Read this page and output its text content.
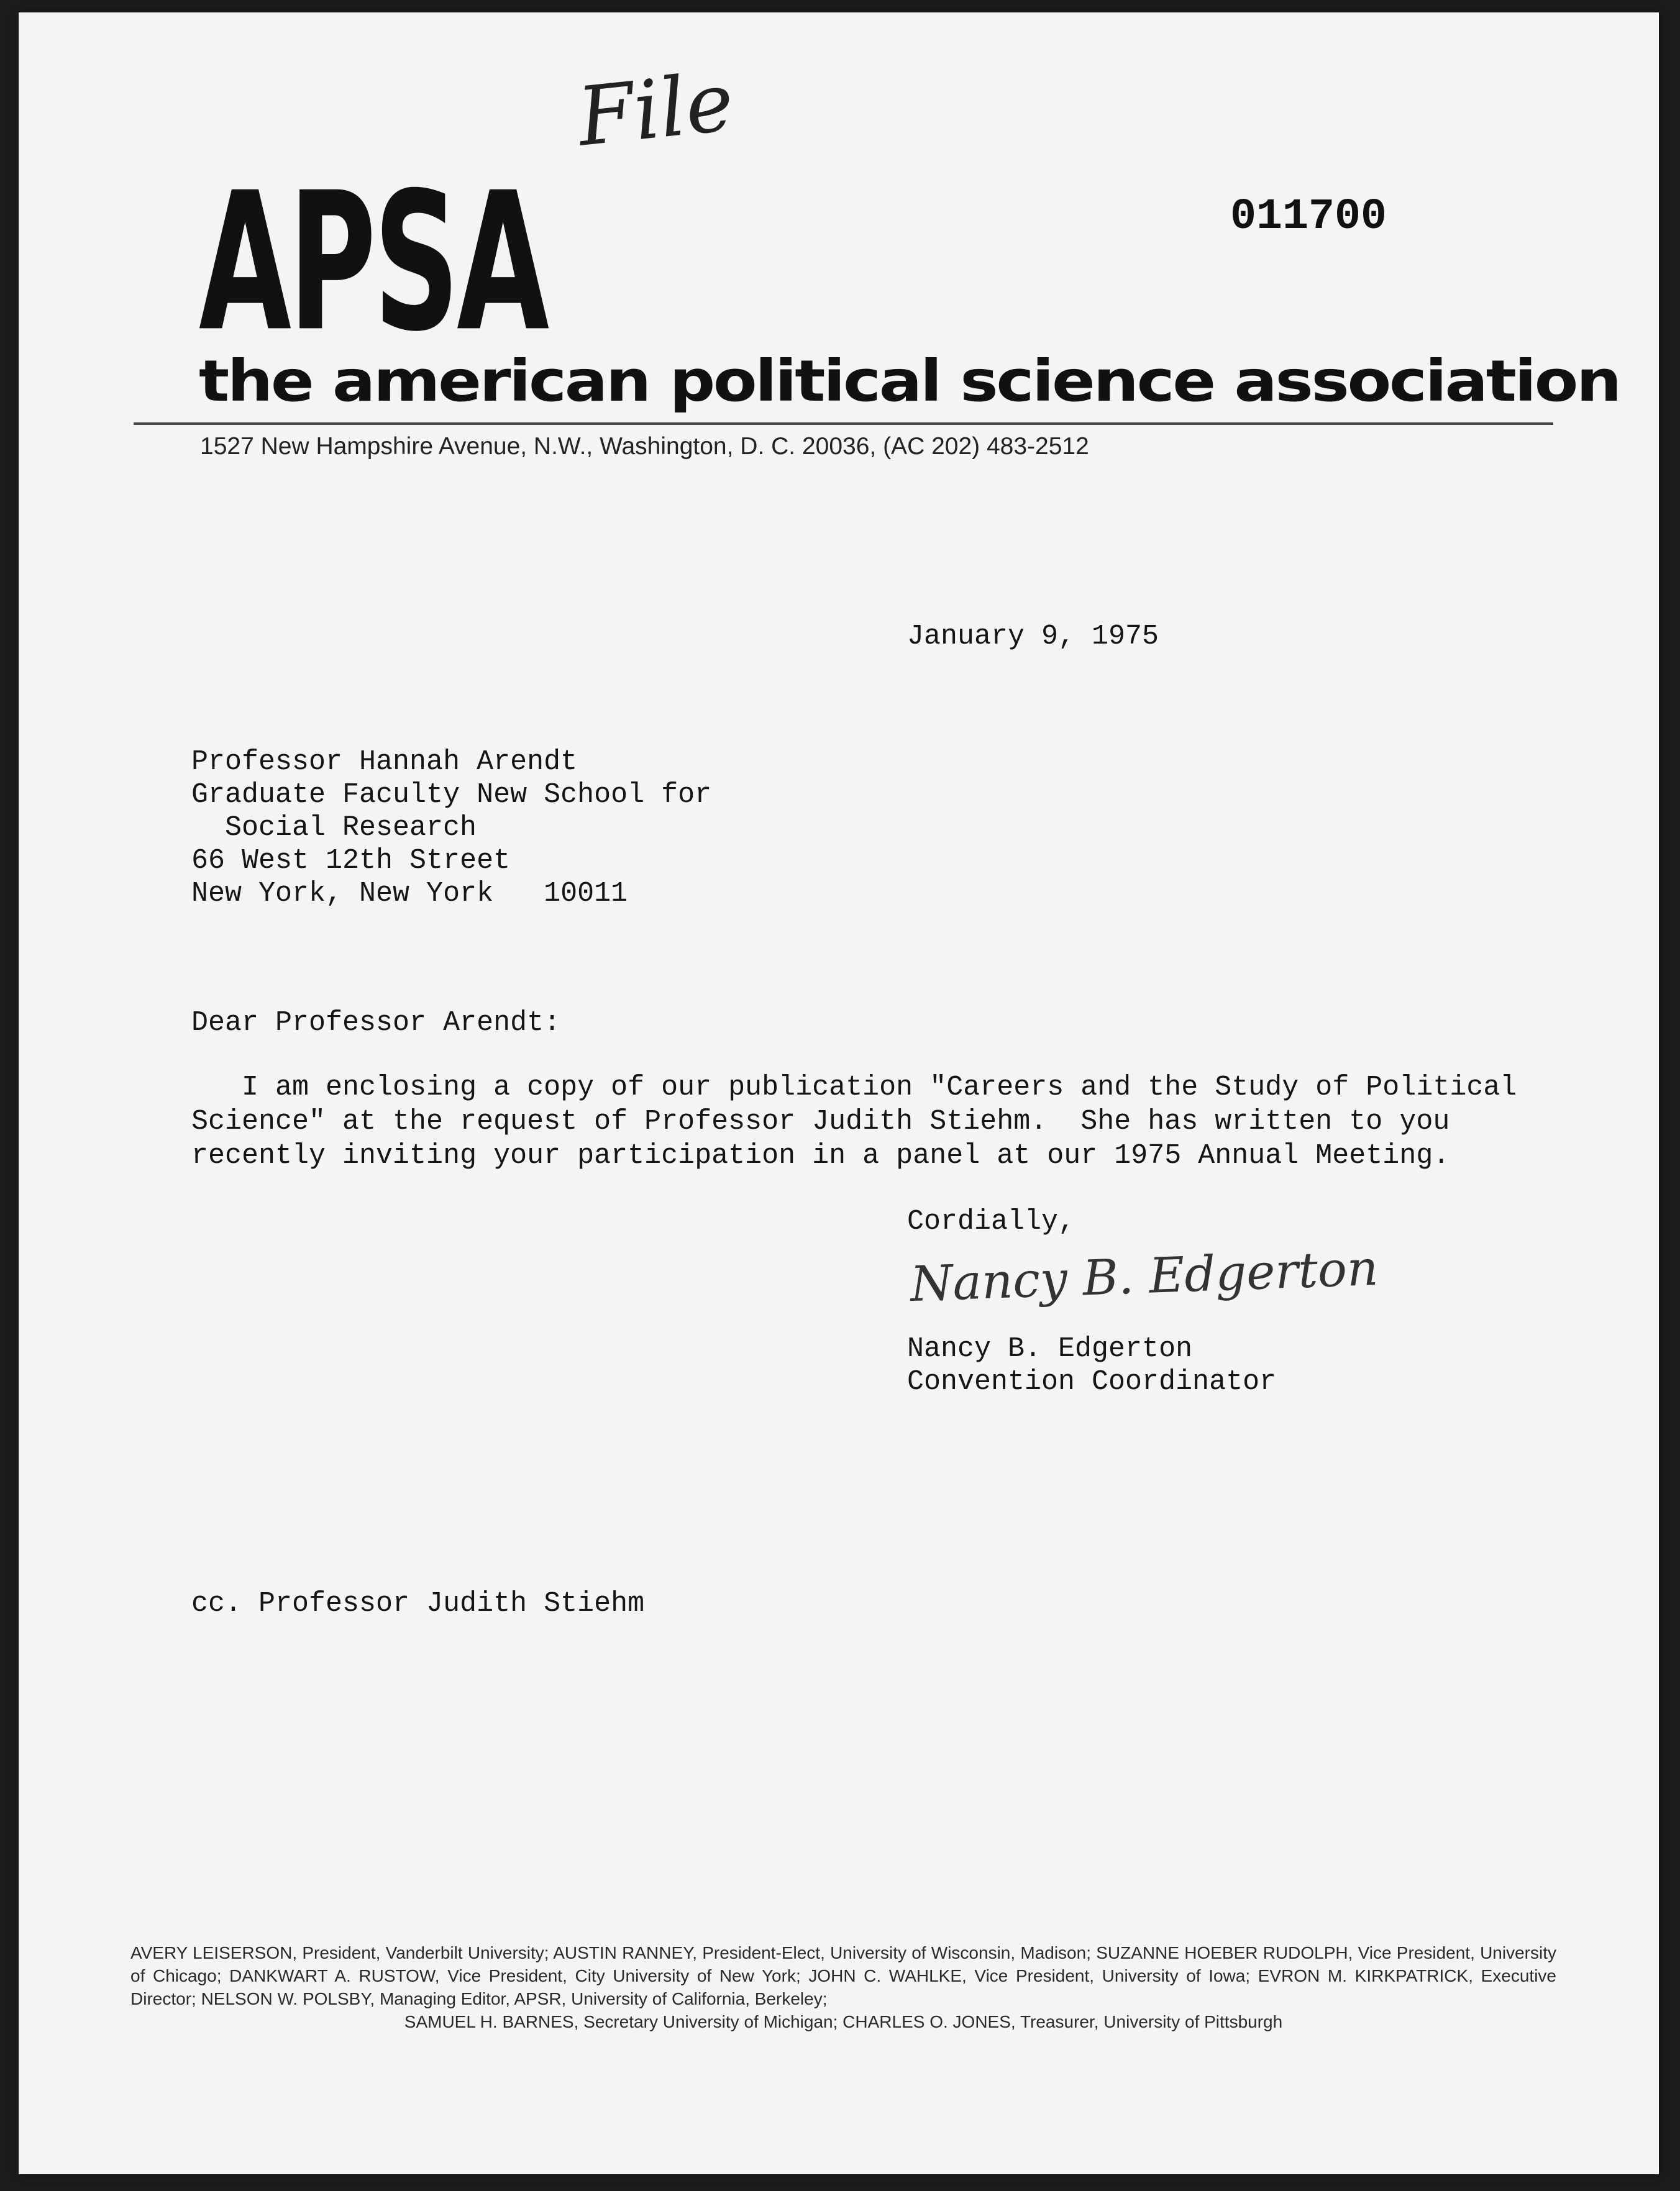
File
011700
APSA
the american political science association
1527 New Hampshire Avenue, N.W., Washington, D. C. 20036, (AC 202) 483-2512
January 9, 1975
Professor Hannah Arendt
Graduate Faculty New School for
Social Research
66 West 12th Street
New York, New York   10011
Dear Professor Arendt:
I am enclosing a copy of our publication "Careers and the Study of Political
Science" at the request of Professor Judith Stiehm.  She has written to you
recently inviting your participation in a panel at our 1975 Annual Meeting.
Cordially,
Nancy B. Edgerton
Nancy B. Edgerton
Convention Coordinator
cc. Professor Judith Stiehm
AVERY LEISERSON, President, Vanderbilt University; AUSTIN RANNEY, President-Elect, University of Wisconsin, Madison; SUZANNE HOEBER RUDOLPH, Vice President, University of Chicago; DANKWART A. RUSTOW, Vice President, City University of New York; JOHN C. WAHLKE, Vice President, University of Iowa; EVRON M. KIRKPATRICK, Executive Director; NELSON W. POLSBY, Managing Editor, APSR, University of California, Berkeley;
SAMUEL H. BARNES, Secretary University of Michigan; CHARLES O. JONES, Treasurer, University of Pittsburgh
